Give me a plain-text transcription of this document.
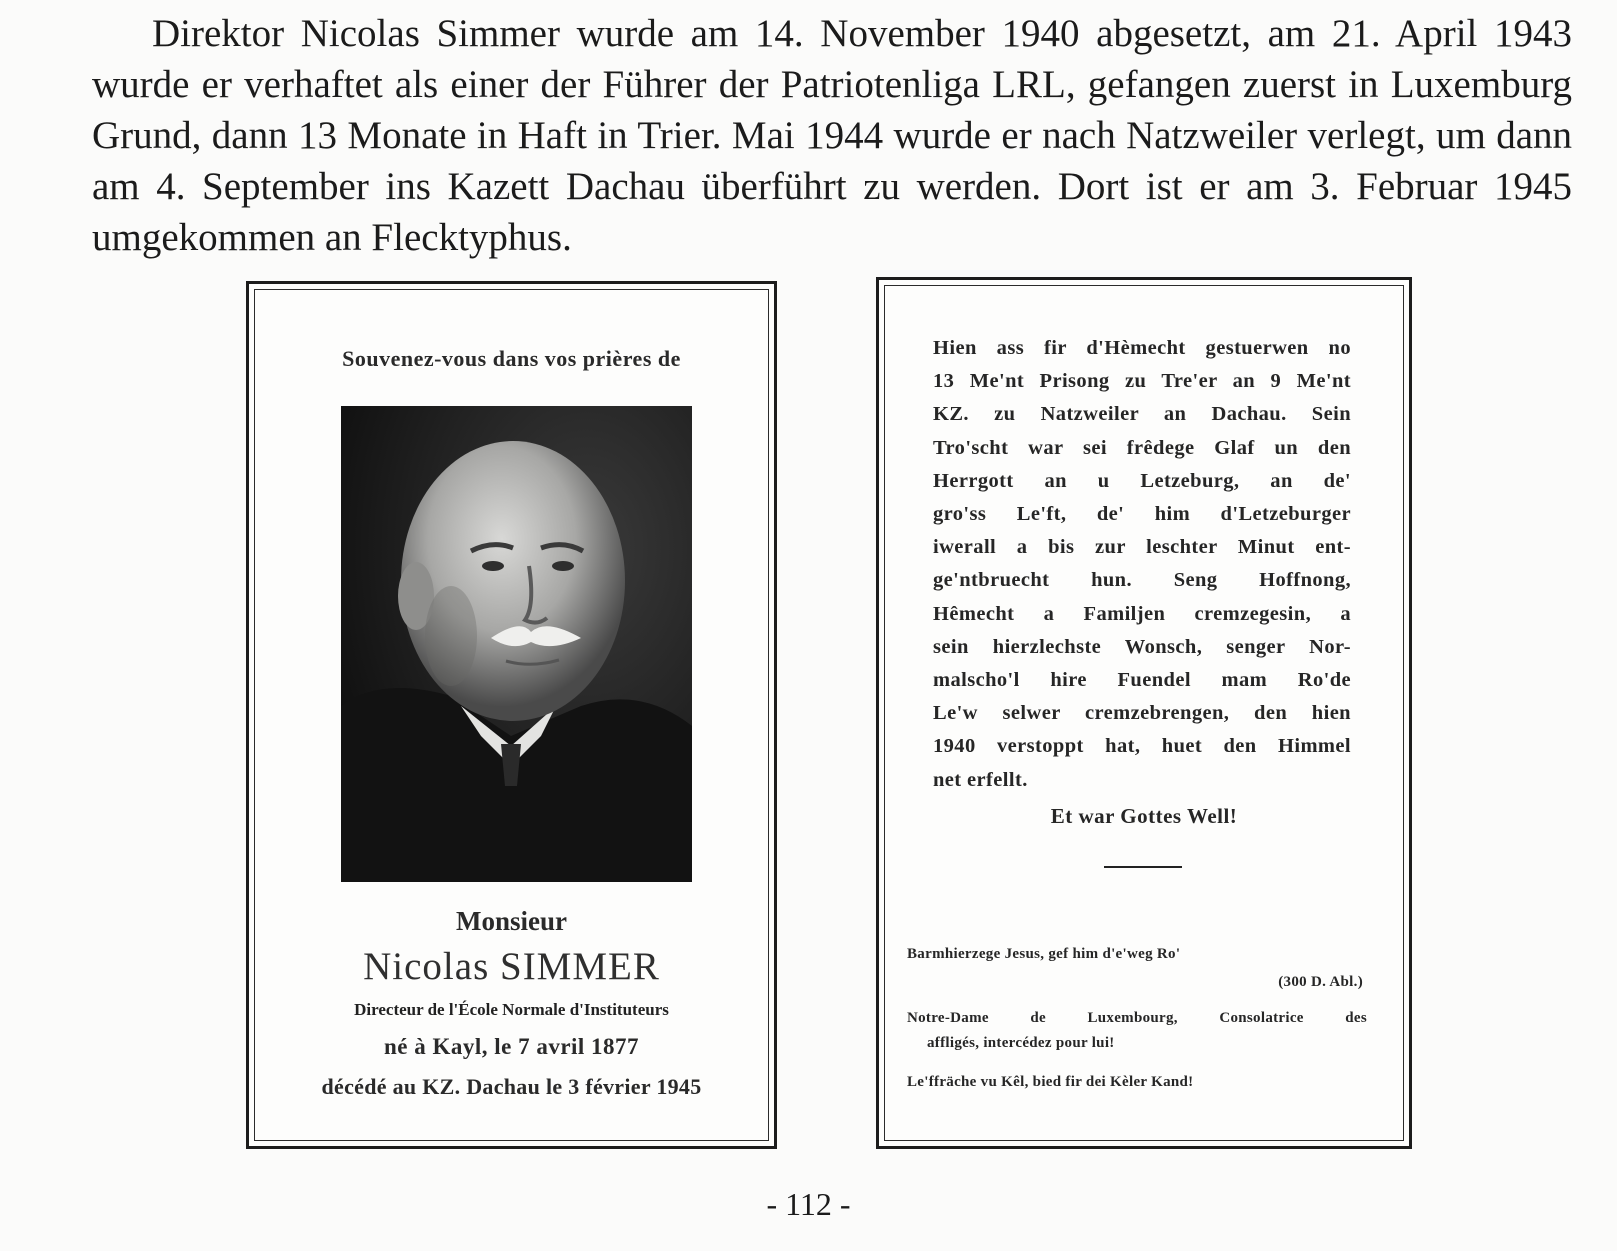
Direktor Nicolas Simmer wurde am 14. November 1940 abgesetzt, am 21. April 1943 wurde er verhaftet als einer der Führer der Patriotenliga LRL, gefangen zuerst in Luxemburg Grund, dann 13 Monate in Haft in Trier. Mai 1944 wurde er nach Natzweiler verlegt, um dann am 4. September ins Kazett Dachau überführt zu werden. Dort ist er am 3. Februar 1945 umgekommen an Flecktyphus.

Souvenez-vous dans vos prières de
Monsieur
Nicolas SIMMER
Directeur de l'École Normale d'Instituteurs
né à Kayl, le 7 avril 1877
décédé au KZ. Dachau le 3 février 1945
Hien ass fir d'Hèmecht gestuerwen no
13 Me'nt Prisong zu Tre'er an 9 Me'nt
KZ. zu Natzweiler an Dachau. Sein
Tro'scht war sei frêdege Glaf un den
Herrgott an u Letzeburg, an de'
gro'ss Le'ft, de' him d'Letzeburger
iwerall a bis zur leschter Minut ent-
ge'ntbruecht hun. Seng Hoffnong,
Hêmecht a Familjen cremzegesin, a
sein hierzlechste Wonsch, senger Nor-
malscho'l hire Fuendel mam Ro'de
Le'w selwer cremzebrengen, den hien
1940 verstoppt hat, huet den Himmel
net erfellt.
Et war Gottes Well!
Barmhierzege Jesus, gef him d'e'weg Ro'
(300 D. Abl.)
Notre-Dame de Luxembourg, Consolatrice des
affligés, intercédez pour lui!
Le'ffräche vu Kêl, bied fir dei Kèler Kand!
- 112 -
